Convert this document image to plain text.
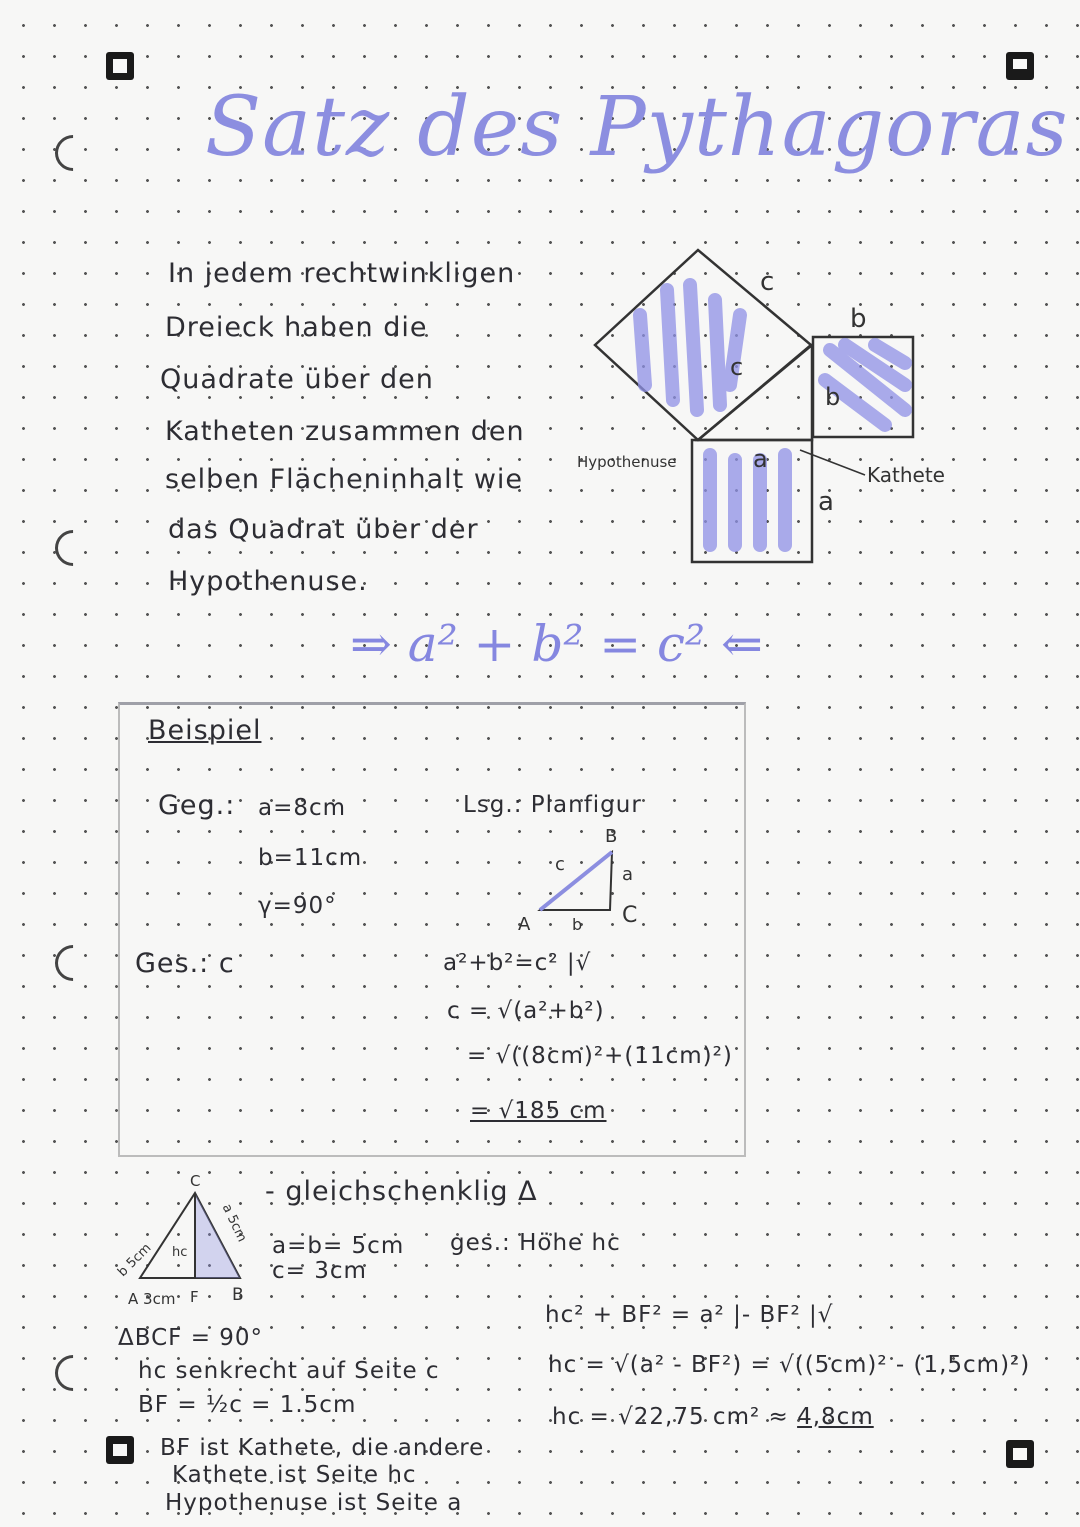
Satz des Pythagoras
In jedem rechtwinkligen
Dreieck haben die
Quadrate über den
Katheten zusammen den
selben Flächeninhalt wie
das Quadrat über der
Hypothenuse.
c
c
b
b
a
a
Hypothenuse
Kathete
⇒ a² + b² = c² ⇐
Beispiel
Geg.: a=8cm
b=11cm
γ=90°
Ges.: c
Lsg.: Planfigur
B
c	a
C
A	b
a²+b²=c² |√
c = √(a²+b²)
= √((8cm)²+(11cm)²)
= √185 cm
C
hc
b 5cm
a 5cm
A 3cm F B
- gleichschenklig Δ
a=b= 5cm
c= 3cm
ges.: Höhe hc
ΔBCF = 90°
hc senkrecht auf Seite c
BF = ½c = 1.5cm
BF ist Kathete, die andere
Kathete ist Seite hc
Hypothenuse ist Seite a
hc² + BF² = a² |- BF² |√
hc = √(a² - BF²) = √((5cm)² - (1,5cm)²)
hc = √22,75 cm² ≈ 4,8cm
